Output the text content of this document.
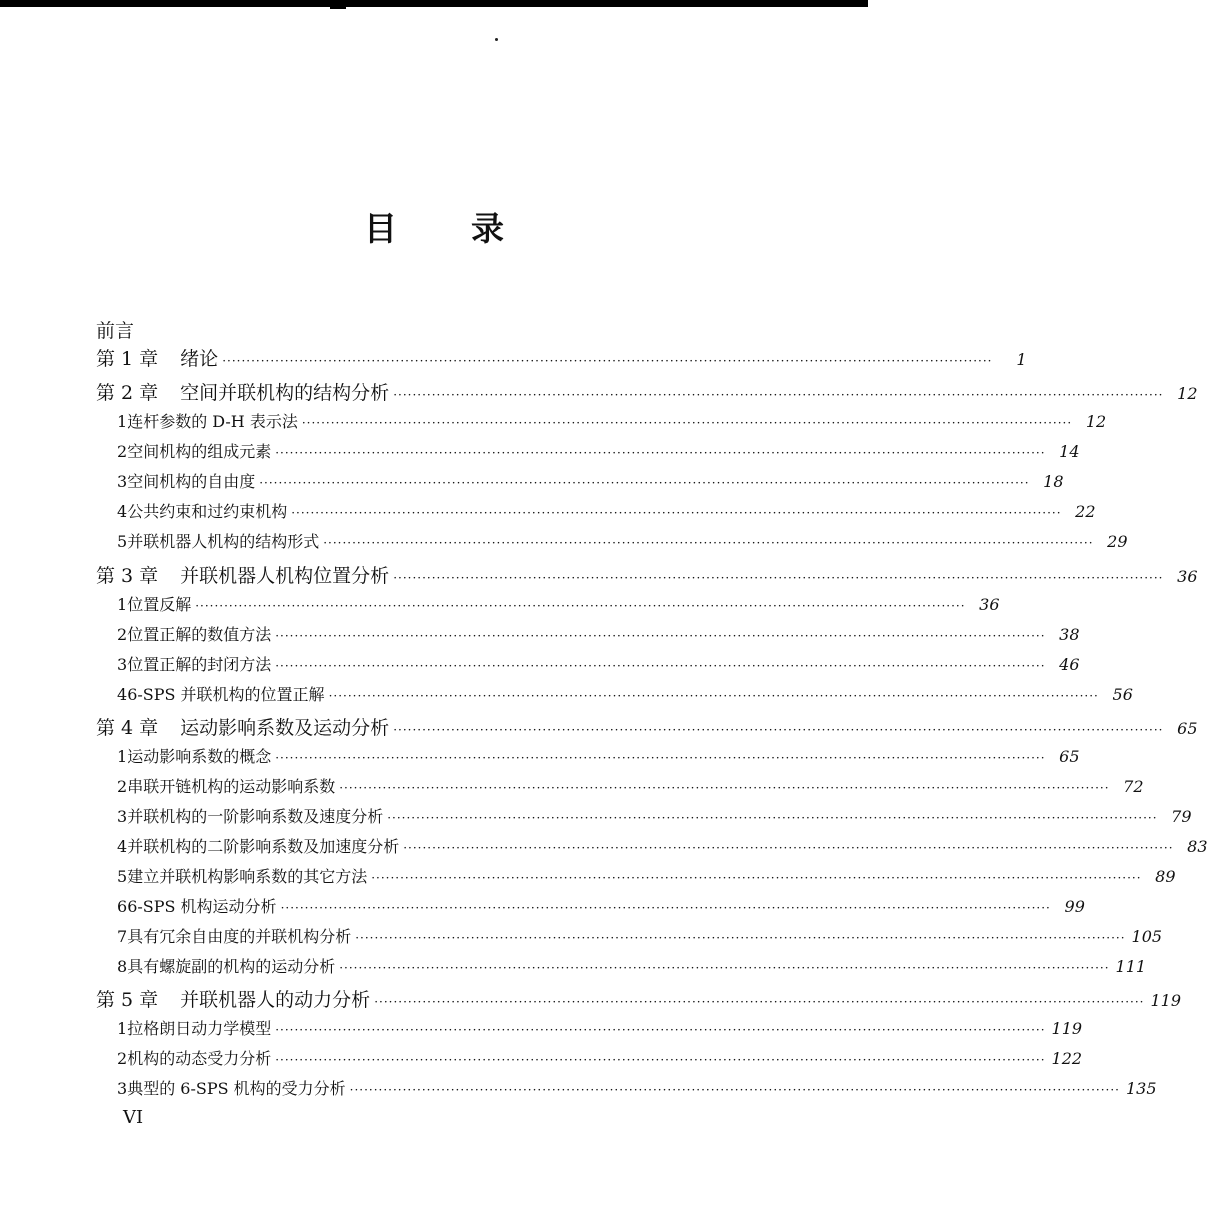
目 录
前言
第 1 章	绪论 ································································································································································	1
第 2 章	空间并联机构的结构分析 ································································································································································ 12
1 连杆参数的 D-H 表示法 ································································································································································ 12
2 空间机构的组成元素 ································································································································································ 14
3 空间机构的自由度 ································································································································································ 18
4 公共约束和过约束机构 ································································································································································ 22
5 并联机器人机构的结构形式 ································································································································································ 29
第 3 章	并联机器人机构位置分析 ································································································································································ 36
1 位置反解 ································································································································································ 36
2 位置正解的数值方法 ································································································································································ 38
3 位置正解的封闭方法 ································································································································································ 46
4 6-SPS 并联机构的位置正解 ································································································································································ 56
第 4 章	运动影响系数及运动分析 ································································································································································ 65
1 运动影响系数的概念 ································································································································································ 65
2 串联开链机构的运动影响系数 ································································································································································ 72
3 并联机构的一阶影响系数及速度分析 ································································································································································ 79
4 并联机构的二阶影响系数及加速度分析 ································································································································································ 83
5 建立并联机构影响系数的其它方法 ································································································································································ 89
6 6-SPS 机构运动分析 ································································································································································ 99
7 具有冗余自由度的并联机构分析 ································································································································································ 105
8 具有螺旋副的机构的运动分析 ································································································································································ 111
第 5 章	并联机器人的动力分析 ································································································································································ 119
1 拉格朗日动力学模型 ································································································································································ 119
2 机构的动态受力分析 ································································································································································ 122
3 典型的 6-SPS 机构的受力分析 ································································································································································ 135
VI
